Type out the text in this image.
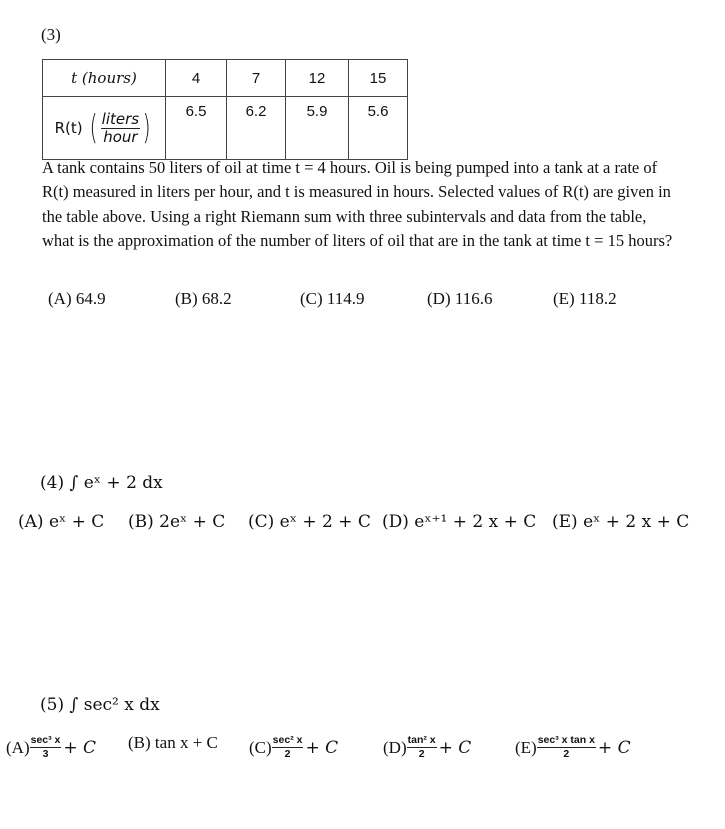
(3)
t (hours)	4	7	12	15

R(t)
( $\frac{\text{liters}}{\text{hour}}$ )	6.5	6.2	5.9	5.6
A tank contains 50 liters of oil at time t = 4 hours. Oil is being pumped into a tank at a rate of R(t) measured in liters per hour, and t is measured in hours. Selected values of R(t) are given in the table above. Using a right Riemann sum with three subintervals and data from the table, what is the approximation of the number of liters of oil that are in the tank at time t = 15 hours?
(A) 64.9	(B) 68.2	(C) 114.9	(D) 116.6	(E) 118.2
(4) ∫ eˣ + 2 dx
(A) eˣ + C (B) 2eˣ + C (C) eˣ + 2 + C (D) eˣ⁺¹ + 2 x + C (E) eˣ + 2 x + C
(5) ∫ sec² x dx
$(A) \frac{\text{sec³ x}}{3} + C$ (B)
tan x + C $(C) \frac{\text{sec² x}}{2} + C$	$(D) \frac{\text{tan² x}}{2} + C$	$(E) \frac{\text{sec³ x tan x}}{2} + C$
